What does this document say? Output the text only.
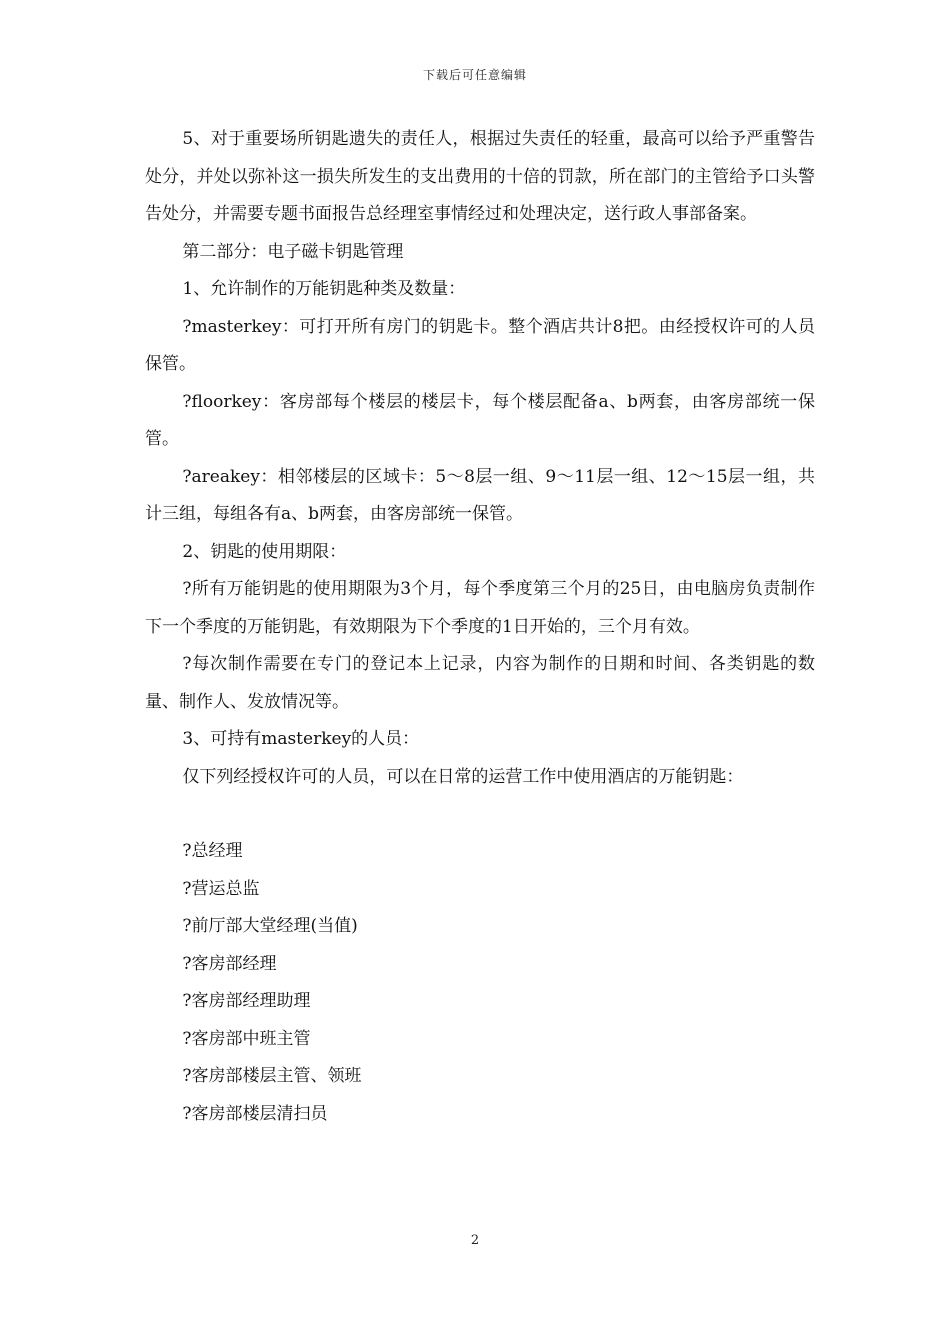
下载后可任意编辑

5、对于重要场所钥匙遗失的责任人，根据过失责任的轻重，最高可以给予严重警告处分，并处以弥补这一损失所发生的支出费用的十倍的罚款，所在部门的主管给予口头警告处分，并需要专题书面报告总经理室事情经过和处理决定，送行政人事部备案。

第二部分：电子磁卡钥匙管理

1、允许制作的万能钥匙种类及数量：

?masterkey：可打开所有房门的钥匙卡。整个酒店共计8把。由经授权许可的人员保管。

?floorkey：客房部每个楼层的楼层卡，每个楼层配备a、b两套，由客房部统一保管。

?areakey：相邻楼层的区域卡：5～8层一组、9～11层一组、12～15层一组，共计三组，每组各有a、b两套，由客房部统一保管。

2、钥匙的使用期限：

?所有万能钥匙的使用期限为3个月，每个季度第三个月的25日，由电脑房负责制作下一个季度的万能钥匙，有效期限为下个季度的1日开始的，三个月有效。

?每次制作需要在专门的登记本上记录，内容为制作的日期和时间、各类钥匙的数量、制作人、发放情况等。

3、可持有masterkey的人员：

仅下列经授权许可的人员，可以在日常的运营工作中使用酒店的万能钥匙：

?总经理

?营运总监

?前厅部大堂经理(当值)

?客房部经理

?客房部经理助理

?客房部中班主管

?客房部楼层主管、领班

?客房部楼层清扫员

2
